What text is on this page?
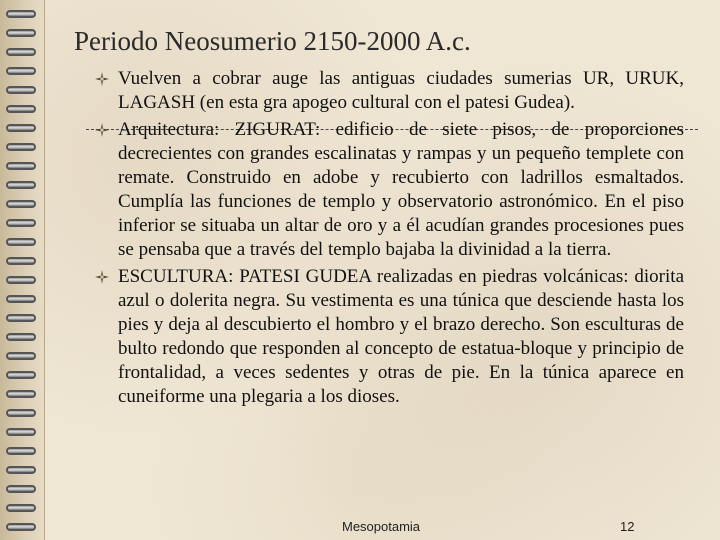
Periodo Neosumerio 2150-2000 A.c.

Vuelven a cobrar auge las antiguas ciudades sumerias UR, URUK, LAGASH (en esta gra apogeo cultural con el patesi Gudea).

Arquitectura: ZIGURAT: edificio de siete pisos, de proporciones decrecientes con grandes escalinatas y rampas y un pequeño templete con remate. Construido en adobe y recubierto con ladrillos esmaltados. Cumplía las funciones de templo y observatorio astronómico. En el piso inferior se situaba un altar de oro y a él acudían grandes procesiones pues se pensaba que a través del templo bajaba la divinidad a la tierra.

ESCULTURA: PATESI GUDEA realizadas en piedras volcánicas: diorita azul o dolerita negra. Su vestimenta es una túnica que desciende hasta los pies y deja al descubierto el hombro y el brazo derecho. Son esculturas de bulto redondo que responden al concepto de estatua-bloque y principio de frontalidad, a veces sedentes y otras de pie. En la túnica aparece en cuneiforme una plegaria a los dioses.

Mesopotamia	12
